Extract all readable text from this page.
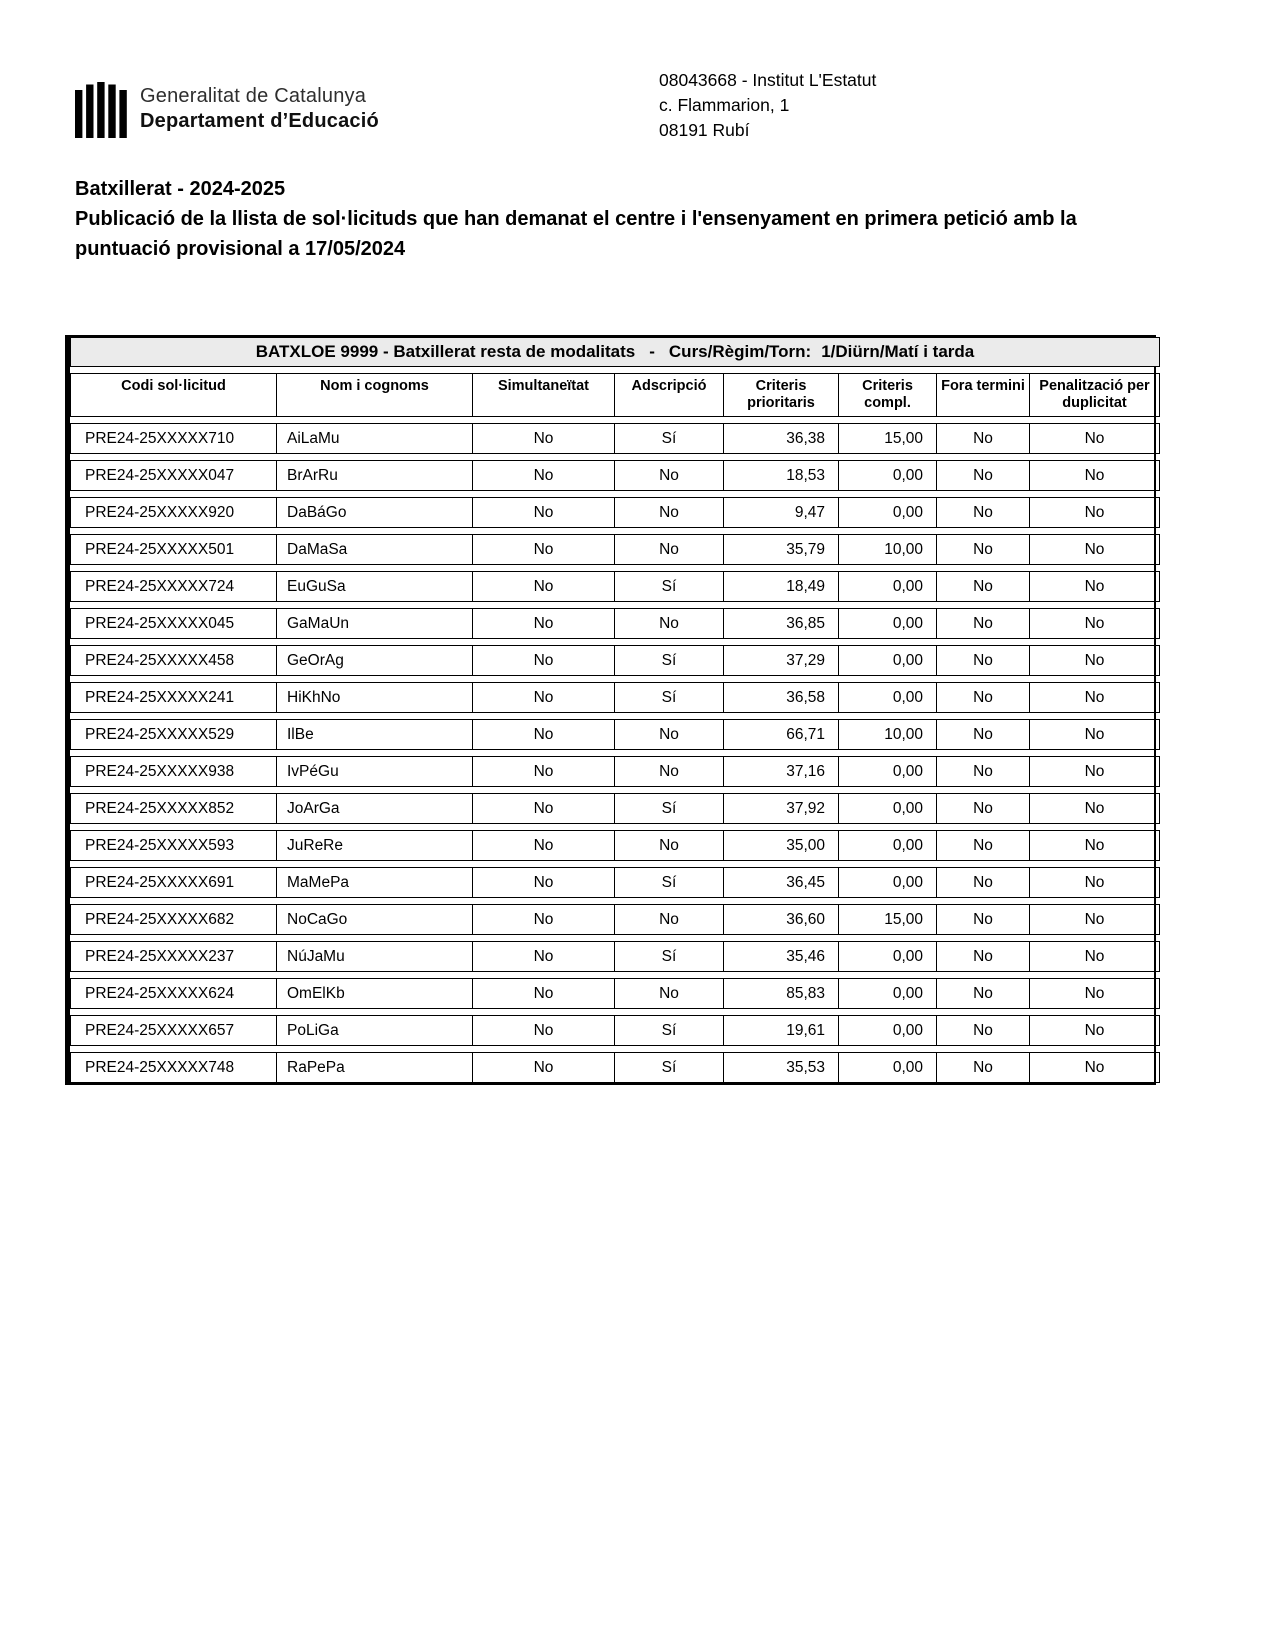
Generalitat de Catalunya
Departament d’Educació
08043668 - Institut L'Estatut
c. Flammarion, 1
08191 Rubí
Batxillerat - 2024-2025
Publicació de la llista de sol·licituds que han demanat el centre i l'ensenyament en primera petició amb la puntuació provisional a 17/05/2024
BATXLOE 9999 - Batxillerat resta de modalitats - Curs/Règim/Torn: 1/Diürn/Matí i tarda							
Codi sol·licitud	Nom i cognoms	Simultaneïtat	Adscripció	Criteris prioritaris	Criteris compl.	Fora termini	Penalització per duplicitat
PRE24-25XXXXX710	AiLaMu	No	Sí	36,38	15,00	No	No
PRE24-25XXXXX047	BrArRu	No	No	18,53	0,00	No	No
PRE24-25XXXXX920	DaBáGo	No	No	9,47	0,00	No	No
PRE24-25XXXXX501	DaMaSa	No	No	35,79	10,00	No	No
PRE24-25XXXXX724	EuGuSa	No	Sí	18,49	0,00	No	No
PRE24-25XXXXX045	GaMaUn	No	No	36,85	0,00	No	No
PRE24-25XXXXX458	GeOrAg	No	Sí	37,29	0,00	No	No
PRE24-25XXXXX241	HiKhNo	No	Sí	36,58	0,00	No	No
PRE24-25XXXXX529	IlBe	No	No	66,71	10,00	No	No
PRE24-25XXXXX938	IvPéGu	No	No	37,16	0,00	No	No
PRE24-25XXXXX852	JoArGa	No	Sí	37,92	0,00	No	No
PRE24-25XXXXX593	JuReRe	No	No	35,00	0,00	No	No
PRE24-25XXXXX691	MaMePa	No	Sí	36,45	0,00	No	No
PRE24-25XXXXX682	NoCaGo	No	No	36,60	15,00	No	No
PRE24-25XXXXX237	NúJaMu	No	Sí	35,46	0,00	No	No
PRE24-25XXXXX624	OmElKb	No	No	85,83	0,00	No	No
PRE24-25XXXXX657	PoLiGa	No	Sí	19,61	0,00	No	No
PRE24-25XXXXX748	RaPePa	No	Sí	35,53	0,00	No	No
